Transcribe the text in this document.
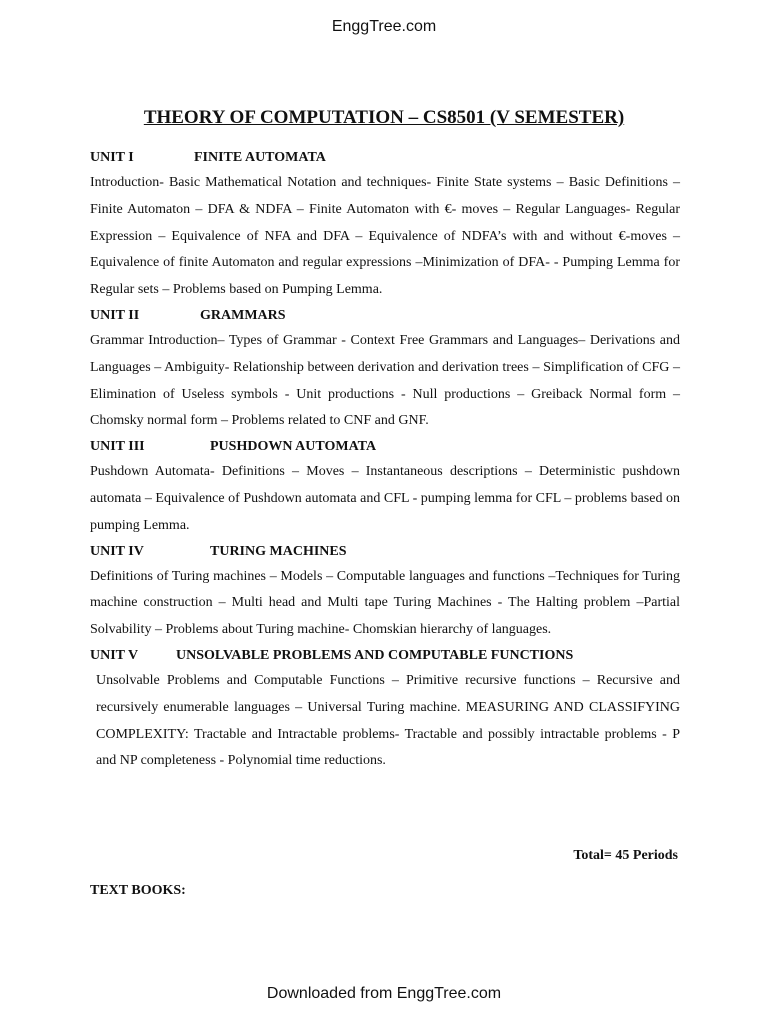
EnggTree.com
THEORY OF COMPUTATION – CS8501 (V SEMESTER)
UNIT I	FINITE AUTOMATA

Introduction- Basic Mathematical Notation and techniques- Finite State systems – Basic Definitions –Finite Automaton – DFA & NDFA – Finite Automaton with €- moves – Regular Languages- Regular Expression – Equivalence of NFA and DFA – Equivalence of NDFA’s with and without €-moves –Equivalence of finite Automaton and regular expressions –Minimization of DFA- - Pumping Lemma for Regular sets – Problems based on Pumping Lemma.

UNIT II	GRAMMARS

Grammar Introduction– Types of Grammar - Context Free Grammars and Languages– Derivations and Languages – Ambiguity- Relationship between derivation and derivation trees – Simplification of CFG – Elimination of Useless symbols - Unit productions - Null productions – Greiback Normal form – Chomsky normal form – Problems related to CNF and GNF.

UNIT III	PUSHDOWN AUTOMATA

Pushdown Automata- Definitions – Moves – Instantaneous descriptions – Deterministic pushdown automata – Equivalence of Pushdown automata and CFL - pumping lemma for CFL – problems based on pumping Lemma.

UNIT IV	TURING MACHINES

Definitions of Turing machines – Models – Computable languages and functions –Techniques for Turing machine construction – Multi head and Multi tape Turing Machines - The Halting problem –Partial Solvability – Problems about Turing machine- Chomskian hierarchy of languages.

UNIT V	UNSOLVABLE PROBLEMS AND COMPUTABLE FUNCTIONS

Unsolvable Problems and Computable Functions – Primitive recursive functions – Recursive and recursively enumerable languages – Universal Turing machine. MEASURING AND CLASSIFYING COMPLEXITY: Tractable and Intractable problems- Tractable and possibly intractable problems - P and NP completeness - Polynomial time reductions.

Total= 45 Periods
TEXT BOOKS:
Downloaded from EnggTree.com
